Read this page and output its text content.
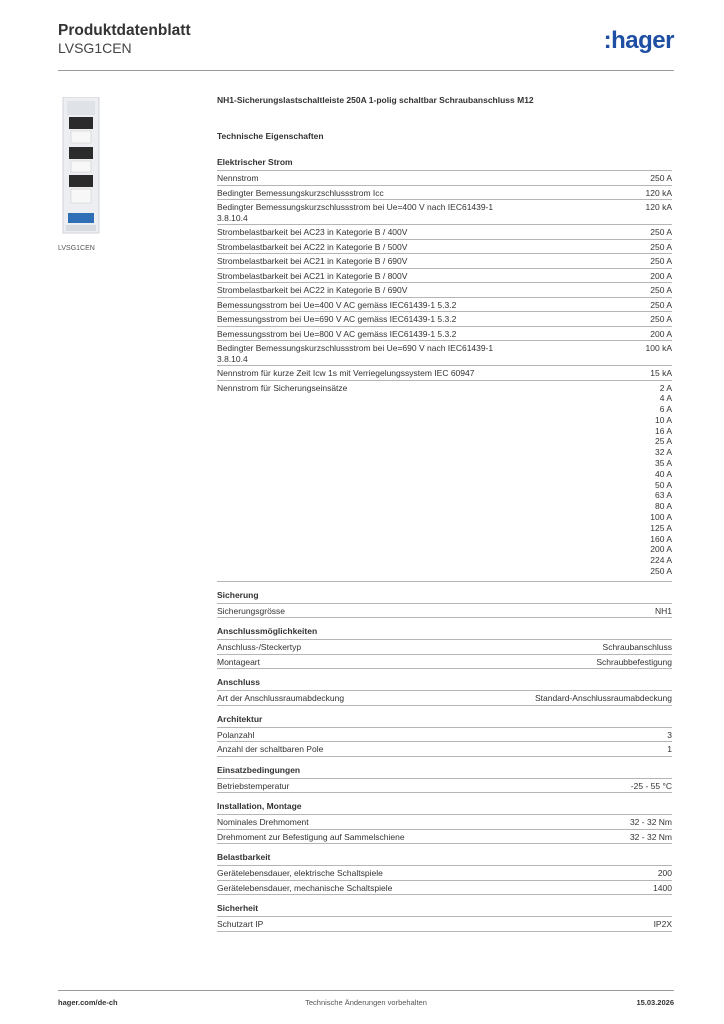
Produktdatenblatt
LVSG1CEN	:hager
LVSG1CEN
NH1-Sicherungslastschaltleiste 250A 1-polig schaltbar Schraubanschluss M12
Technische Eigenschaften
Elektrischer Strom
Nennstrom	250 A
Bedingter Bemessungskurzschlussstrom Icc	120 kA
Bedingter Bemessungskurzschlussstrom bei Ue=400 V nach IEC61439-1 3.8.10.4
120 kA
Strombelastbarkeit bei AC23 in Kategorie B / 400V	250 A
Strombelastbarkeit bei AC22 in Kategorie B / 500V	250 A
Strombelastbarkeit bei AC21 in Kategorie B / 690V	250 A
Strombelastbarkeit bei AC21 in Kategorie B / 800V	200 A
Strombelastbarkeit bei AC22 in Kategorie B / 690V	250 A
Bemessungsstrom bei Ue=400 V AC gemäss IEC61439-1 5.3.2	250 A
Bemessungsstrom bei Ue=690 V AC gemäss IEC61439-1 5.3.2	250 A
Bemessungsstrom bei Ue=800 V AC gemäss IEC61439-1 5.3.2	200 A
Bedingter Bemessungskurzschlussstrom bei Ue=690 V nach IEC61439-1 3.8.10.4
100 kA
Nennstrom für kurze Zeit Icw 1s mit Verriegelungssystem IEC 60947	15 kA
Nennstrom für Sicherungseinsätze	2 A
4 A
6 A
10 A
16 A
25 A
32 A
35 A
40 A
50 A
63 A
80 A
100 A
125 A
160 A
200 A
224 A
250 A
Sicherung
Sicherungsgrösse	NH1
Anschlussmöglichkeiten
Anschluss-/Steckertyp	Schraubanschluss
Montageart	Schraubbefestigung
Anschluss
Art der Anschlussraumabdeckung	Standard-Anschlussraumabdeckung
Architektur
Polanzahl	3
Anzahl der schaltbaren Pole	1
Einsatzbedingungen
Betriebstemperatur	-25 - 55 °C
Installation, Montage
Nominales Drehmoment	32 - 32 Nm
Drehmoment zur Befestigung auf Sammelschiene	32 - 32 Nm
Belastbarkeit
Gerätelebensdauer, elektrische Schaltspiele	200
Gerätelebensdauer, mechanische Schaltspiele	1400
Sicherheit
Schutzart IP	IP2X
hager.com/de-ch	Technische Änderungen vorbehalten	15.03.2026
